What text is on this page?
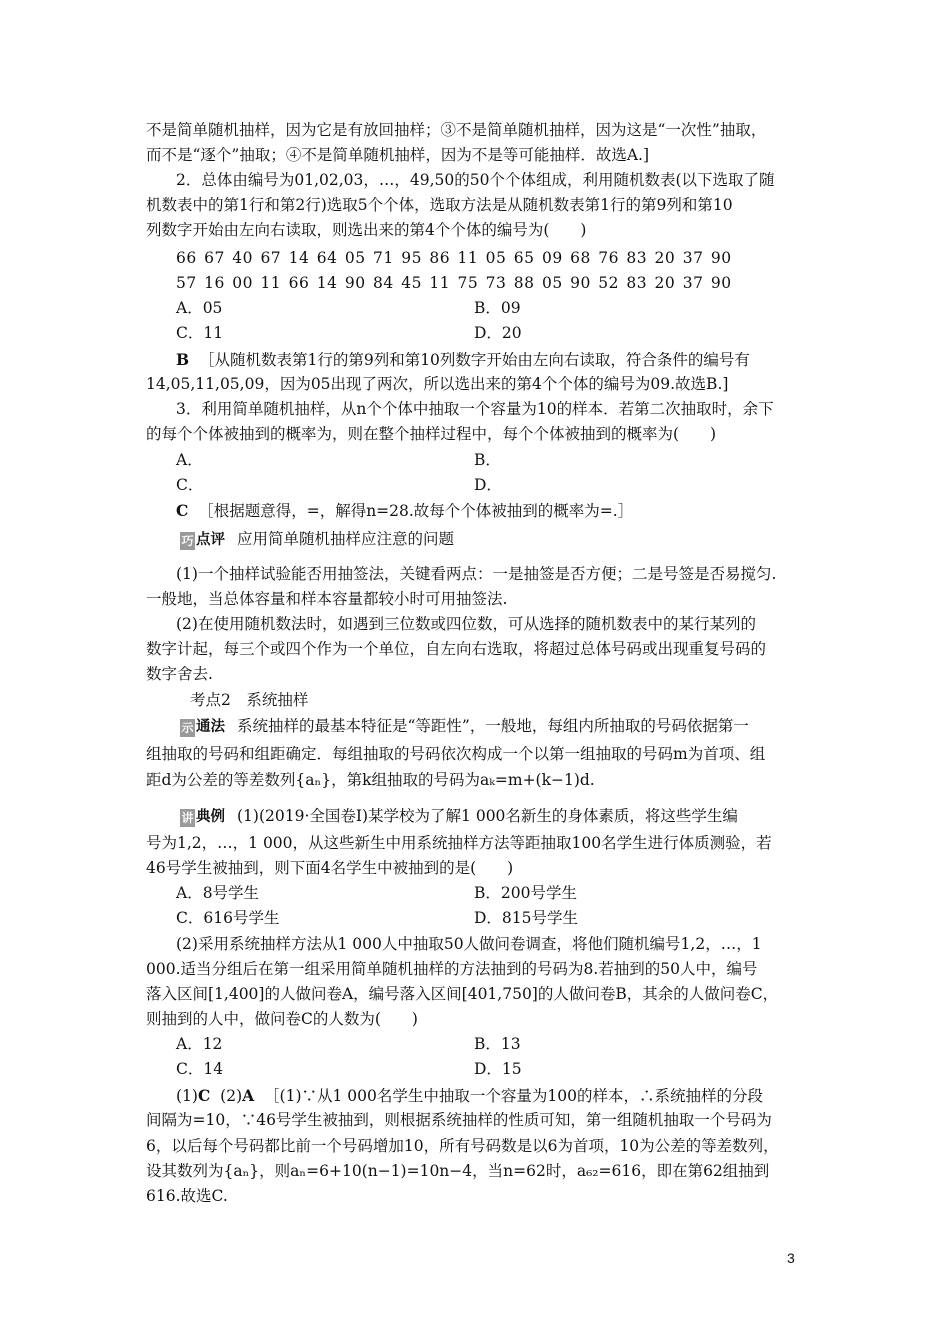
不是简单随机抽样，因为它是有放回抽样；③不是简单随机抽样，因为这是“一次性”抽取，
而不是“逐个”抽取；④不是简单随机抽样，因为不是等可能抽样．故选A.]
2．总体由编号为01,02,03，…，49,50的50个个体组成，利用随机数表(以下选取了随
机数表中的第1行和第2行)选取5个个体，选取方法是从随机数表第1行的第9列和第10
列数字开始由左向右读取，则选出来的第4个个体的编号为(　　)
66 67 40 67 14 64 05 71 95 86 11 05 65 09 68 76 83 20 37 90
57 16 00 11 66 14 90 84 45 11 75 73 88 05 90 52 83 20 37 90
A．05	B．09
C．11	D．20
B ［从随机数表第1行的第9列和第10列数字开始由左向右读取，符合条件的编号有
14,05,11,05,09，因为05出现了两次，所以选出来的第4个个体的编号为09.故选B.]
3．利用简单随机抽样，从n个个体中抽取一个容量为10的样本．若第二次抽取时，余下
的每个个体被抽到的概率为，则在整个抽样过程中，每个个体被抽到的概率为(　　)
A．	B．
C．	D．
C ［根据题意得，=，解得n=28.故每个个体被抽到的概率为=.］
巧 点评 应用简单随机抽样应注意的问题
(1)一个抽样试验能否用抽签法，关键看两点：一是抽签是否方便；二是号签是否易搅匀.
一般地，当总体容量和样本容量都较小时可用抽签法.
(2)在使用随机数法时，如遇到三位数或四位数，可从选择的随机数表中的某行某列的
数字计起，每三个或四个作为一个单位，自左向右选取，将超过总体号码或出现重复号码的
数字舍去.
考点2　系统抽样
示 通法 系统抽样的最基本特征是“等距性”，一般地，每组内所抽取的号码依据第一
组抽取的号码和组距确定．每组抽取的号码依次构成一个以第一组抽取的号码m为首项、组
距d为公差的等差数列{aₙ}，第k组抽取的号码为aₖ=m+(k−1)d.
讲 典例 (1)(2019·全国卷Ⅰ)某学校为了解1 000名新生的身体素质，将这些学生编
号为1,2，…，1 000，从这些新生中用系统抽样方法等距抽取100名学生进行体质测验，若
46号学生被抽到，则下面4名学生中被抽到的是(　　)
A．8号学生	B．200号学生
C．616号学生	D．815号学生
(2)采用系统抽样方法从1 000人中抽取50人做问卷调查，将他们随机编号1,2，…，1
000.适当分组后在第一组采用简单随机抽样的方法抽到的号码为8.若抽到的50人中，编号
落入区间[1,400]的人做问卷A，编号落入区间[401,750]的人做问卷B，其余的人做问卷C，
则抽到的人中，做问卷C的人数为(　　)
A．12	B．13
C．14	D．15
(1)C (2)A ［(1)∵从1 000名学生中抽取一个容量为100的样本，∴系统抽样的分段
间隔为=10，∵46号学生被抽到，则根据系统抽样的性质可知，第一组随机抽取一个号码为
6，以后每个号码都比前一个号码增加10，所有号码数是以6为首项，10为公差的等差数列，
设其数列为{aₙ}，则aₙ=6+10(n−1)=10n−4，当n=62时，a₆₂=616，即在第62组抽到
616.故选C.
3
